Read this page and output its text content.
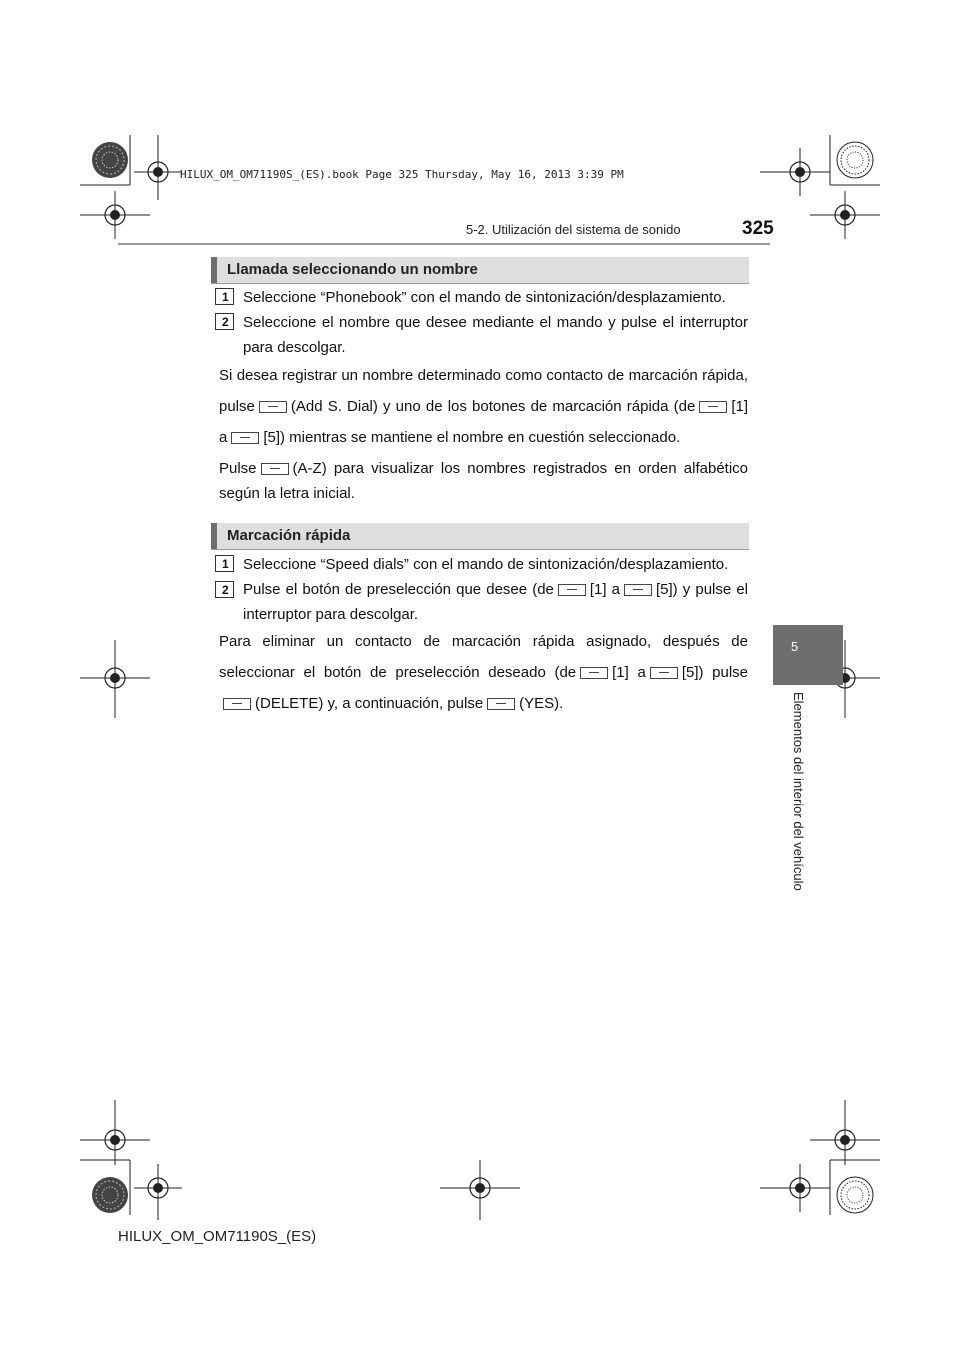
HILUX_OM_OM71190S_(ES).book Page 325 Thursday, May 16, 2013 3:39 PM
5-2. Utilización del sistema de sonido	325
5
Elementos del interior del vehículo
Llamada seleccionando un nombre
1 Seleccione “Phonebook” con el mando de sintonización/desplazamiento.
2 Seleccione el nombre que desee mediante el mando y pulse el interruptor para descolgar.
Si desea registrar un nombre determinado como contacto de marcación rápida, pulse (Add S. Dial) y uno de los botones de marcación rápida (de [1] a [5]) mientras se mantiene el nombre en cuestión seleccionado.
Pulse (A-Z) para visualizar los nombres registrados en orden alfabético según la letra inicial.
Marcación rápida
1 Seleccione “Speed dials” con el mando de sintonización/desplazamiento.
2 Pulse el botón de preselección que desee (de [1] a [5]) y pulse el interruptor para descolgar.
Para eliminar un contacto de marcación rápida asignado, después de seleccionar el botón de preselección deseado (de [1] a [5]) pulse(DELETE) y, a continuación, pulse (YES).
HILUX_OM_OM71190S_(ES)
